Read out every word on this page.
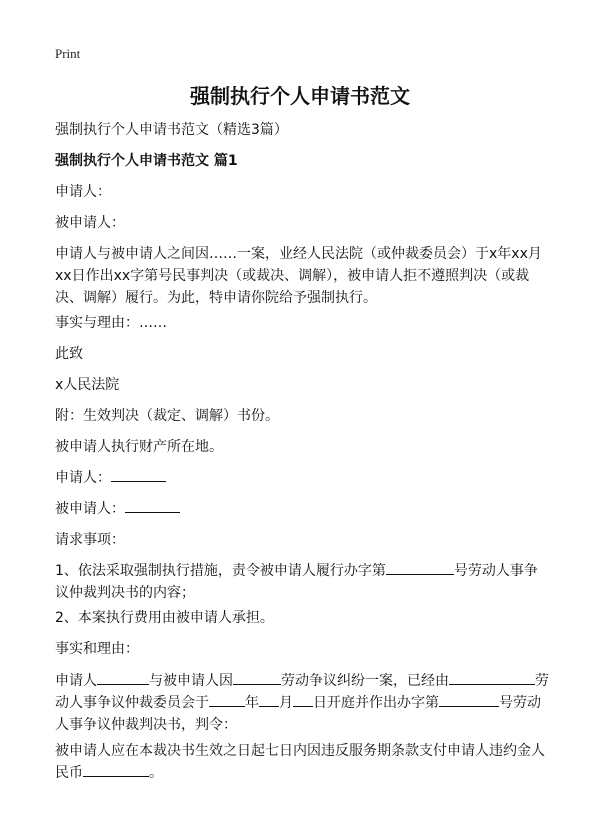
Print
强制执行个人申请书范文
强制执行个人申请书范文（精选3篇）
强制执行个人申请书范文 篇1
申请人：
被申请人：
申请人与被申请人之间因……一案，业经人民法院（或仲裁委员会）于x年xx月xx日作出xx字第号民事判决（或裁决、调解），被申请人拒不遵照判决（或裁决、调解）履行。为此，特申请你院给予强制执行。
事实与理由：……
此致
x人民法院
附：生效判决（裁定、调解）书份。
被申请人执行财产所在地。
申请人：
被申请人：
请求事项：
1、依法采取强制执行措施，责令被申请人履行办字第	号劳动人事争议仲裁判决书的内容；
2、本案执行费用由被申请人承担。
事实和理由：
申请人	与被申请人因	劳动争议纠纷一案，已经由	劳动人事争议仲裁委员会于	年 月 日开庭并作出办字第	号劳动人事争议仲裁判决书，判令：
被申请人应在本裁决书生效之日起七日内因违反服务期条款支付申请人违约金人民币	。
